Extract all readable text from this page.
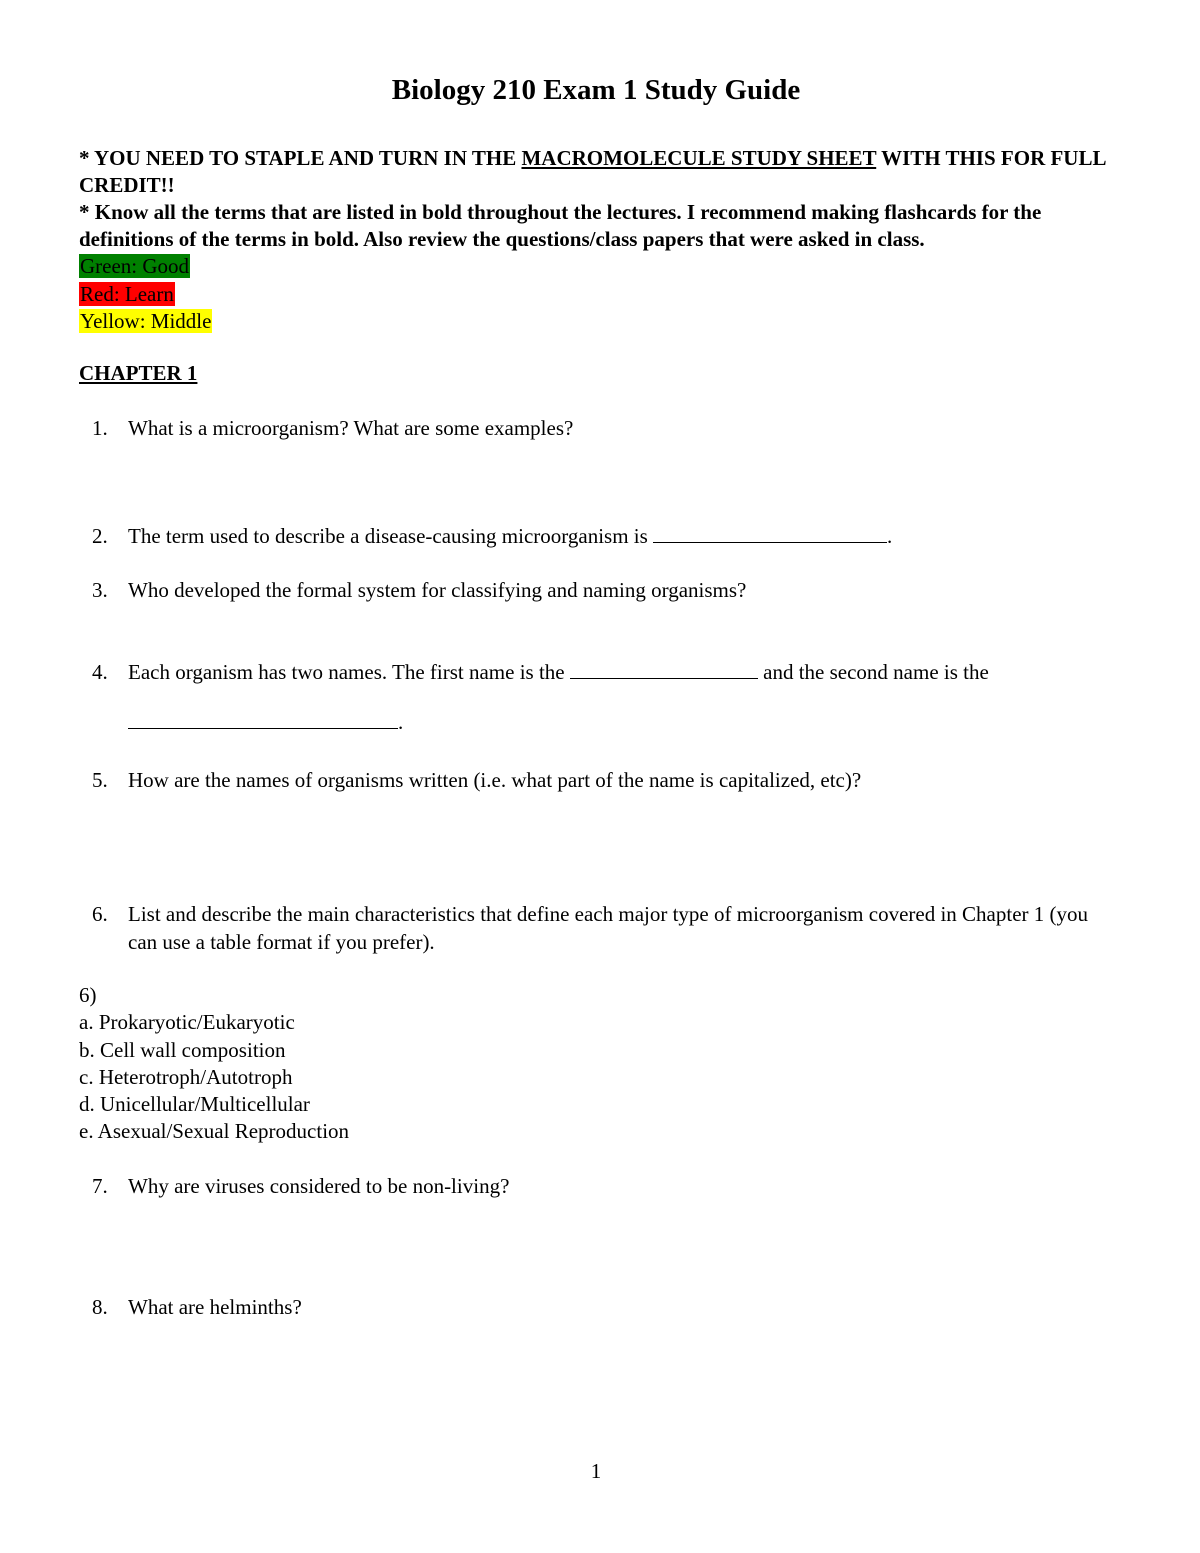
Biology 210 Exam 1 Study Guide
* YOU NEED TO STAPLE AND TURN IN THE MACROMOLECULE STUDY SHEET WITH THIS FOR FULL CREDIT!!
* Know all the terms that are listed in bold throughout the lectures. I recommend making flashcards for the definitions of the terms in bold. Also review the questions/class papers that were asked in class.
Green: Good
Red: Learn
Yellow: Middle
CHAPTER 1
1. What is a microorganism? What are some examples?
2. The term used to describe a disease-causing microorganism is	.
3. Who developed the formal system for classifying and naming organisms?
4. Each organism has two names. The first name is the	and the second name is the
.
5. How are the names of organisms written (i.e. what part of the name is capitalized, etc)?
6. List and describe the main characteristics that define each major type of microorganism covered in Chapter 1 (you can use a table format if you prefer).
6)
a. Prokaryotic/Eukaryotic
b. Cell wall composition
c. Heterotroph/Autotroph
d. Unicellular/Multicellular
e. Asexual/Sexual Reproduction
7. Why are viruses considered to be non-living?
8. What are helminths?
1
